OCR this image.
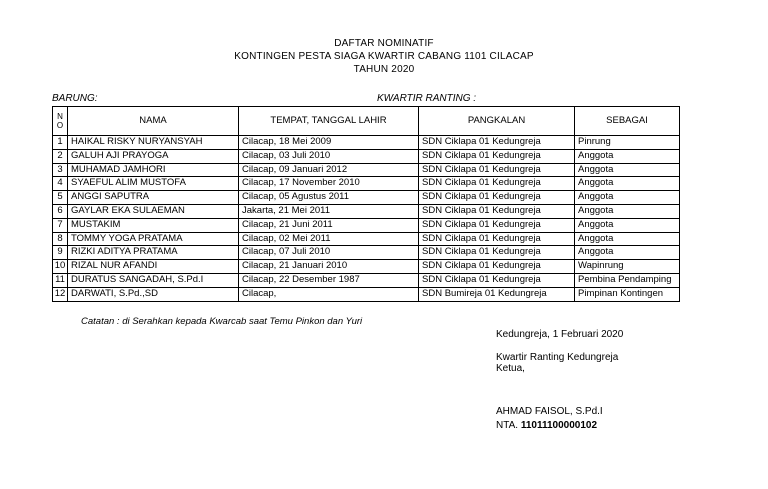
DAFTAR NOMINATIF
KONTINGEN PESTA SIAGA KWARTIR CABANG 1101 CILACAP
TAHUN 2020
BARUNG:	KWARTIR RANTING :
N
O	NAMA	TEMPAT, TANGGAL LAHIR	PANGKALAN	SEBAGAI
1	HAIKAL RISKY NURYANSYAH	Cilacap, 18 Mei 2009	SDN Ciklapa 01 Kedungreja	Pinrung
2	GALUH AJI PRAYOGA	Cilacap, 03 Juli 2010	SDN Ciklapa 01 Kedungreja	Anggota
3	MUHAMAD JAMHORI	Cilacap, 09 Januari 2012	SDN Ciklapa 01 Kedungreja	Anggota
4	SYAEFUL ALIM MUSTOFA	Cilacap, 17 November 2010	SDN Ciklapa 01 Kedungreja	Anggota
5	ANGGI SAPUTRA	Cilacap, 05 Agustus 2011	SDN Ciklapa 01 Kedungreja	Anggota
6	GAYLAR EKA SULAEMAN	Jakarta, 21 Mei 2011	SDN Ciklapa 01 Kedungreja	Anggota
7	MUSTAKIM	Cilacap, 21 Juni 2011	SDN Ciklapa 01 Kedungreja	Anggota
8	TOMMY YOGA PRATAMA	Cilacap, 02 Mei 2011	SDN Ciklapa 01 Kedungreja	Anggota
9	RIZKI ADITYA PRATAMA	Cilacap, 07 Juli 2010	SDN Ciklapa 01 Kedungreja	Anggota
10	RIZAL NUR AFANDI	Cilacap, 21 Januari 2010	SDN Ciklapa 01 Kedungreja	Wapinrung
11	DURATUS SANGADAH, S.Pd.I	Cilacap, 22 Desember 1987	SDN Ciklapa 01 Kedungreja	Pembina Pendamping
12	DARWATI, S.Pd.,SD	Cilacap,	SDN Bumireja 01 Kedungreja	Pimpinan Kontingen
Catatan : di Serahkan kepada Kwarcab saat Temu Pinkon dan Yuri
Kedungreja, 1 Februari 2020
Kwartir Ranting Kedungreja
Ketua,
AHMAD FAISOL, S.Pd.I
NTA. 11011100000102
